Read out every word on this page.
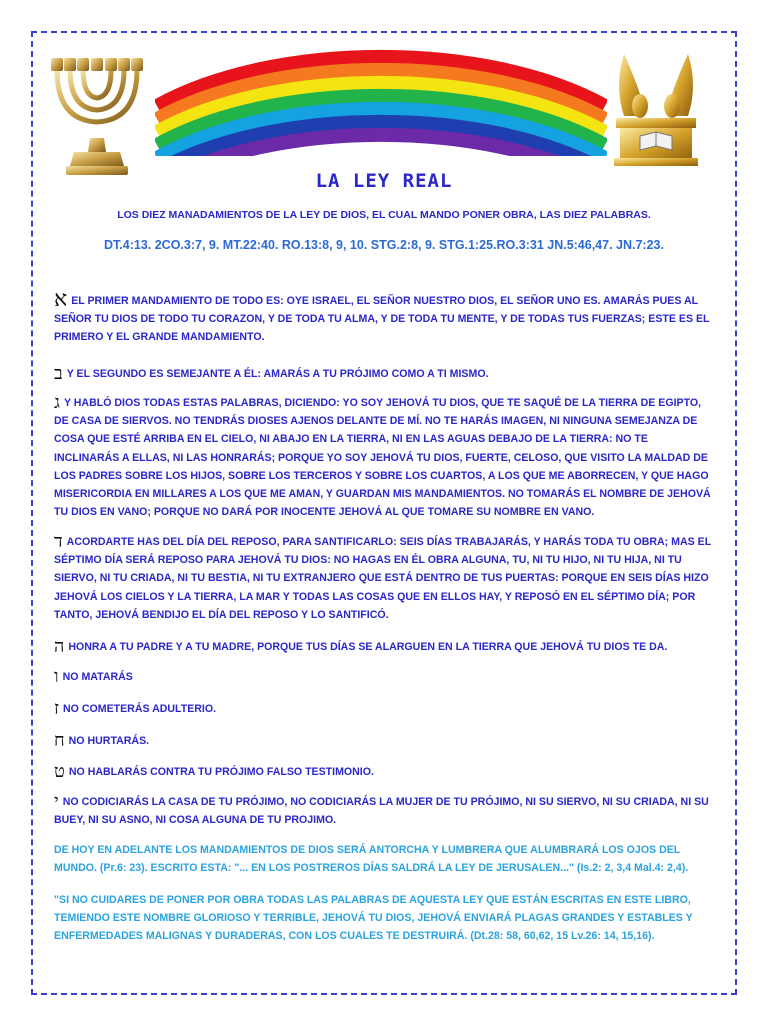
LA LEY REAL
LOS DIEZ MANADAMIENTOS DE LA LEY DE DIOS, EL CUAL MANDO PONER OBRA, LAS DIEZ PALABRAS.
DT.4:13. 2CO.3:7, 9. MT.22:40. RO.13:8, 9, 10. STG.2:8, 9. STG.1:25.RO.3:31 JN.5:46,47. JN.7:23.
אEL PRIMER MANDAMIENTO DE TODO ES: OYE ISRAEL, EL SEÑOR NUESTRO DIOS, EL SEÑOR UNO ES. AMARÁS PUES AL SEÑOR TU DIOS DE TODO TU CORAZON, Y DE TODA TU ALMA, Y DE TODA TU MENTE, Y DE TODAS TUS FUERZAS; ESTE ES EL PRIMERO Y EL GRANDE MANDAMIENTO.
ב Y EL SEGUNDO ES SEMEJANTE A ÉL: AMARÁS A TU PRÓJIMO COMO A TI MISMO.
ג Y HABLÓ DIOS TODAS ESTAS PALABRAS, DICIENDO: YO SOY JEHOVÁ TU DIOS, QUE TE SAQUÉ DE LA TIERRA DE EGIPTO, DE CASA DE SIERVOS. NO TENDRÁS DIOSES AJENOS DELANTE DE MÍ. NO TE HARÁS IMAGEN, NI NINGUNA SEMEJANZA DE COSA QUE ESTÉ ARRIBA EN EL CIELO, NI ABAJO EN LA TIERRA, NI EN LAS AGUAS DEBAJO DE LA TIERRA: NO TE INCLINARÁS A ELLAS, NI LAS HONRARÁS; PORQUE YO SOY JEHOVÁ TU DIOS, FUERTE, CELOSO, QUE VISITO LA MALDAD DE LOS PADRES SOBRE LOS HIJOS, SOBRE LOS TERCEROS Y SOBRE LOS CUARTOS, A LOS QUE ME ABORRECEN, Y QUE HAGO MISERICORDIA EN MILLARES A LOS QUE ME AMAN, Y GUARDAN MIS MANDAMIENTOS. NO TOMARÁS EL NOMBRE DE JEHOVÁ TU DIOS EN VANO; PORQUE NO DARÁ POR INOCENTE JEHOVÁ AL QUE TOMARE SU NOMBRE EN VANO.
דACORDARTE HAS DEL DÍA DEL REPOSO, PARA SANTIFICARLO: SEIS DÍAS TRABAJARÁS, Y HARÁS TODA TU OBRA; MAS EL SÉPTIMO DÍA SERÁ REPOSO PARA JEHOVÁ TU DIOS: NO HAGAS EN ÉL OBRA ALGUNA, TU, NI TU HIJO, NI TU HIJA, NI TU SIERVO, NI TU CRIADA, NI TU BESTIA, NI TU EXTRANJERO QUE ESTÁ DENTRO DE TUS PUERTAS: PORQUE EN SEIS DÍAS HIZO JEHOVÁ LOS CIELOS Y LA TIERRA, LA MAR Y TODAS LAS COSAS QUE EN ELLOS HAY, Y REPOSÓ EN EL SÉPTIMO DÍA; POR TANTO, JEHOVÁ BENDIJO EL DÍA DEL REPOSO Y LO SANTIFICÓ.
הHONRA A TU PADRE Y A TU MADRE, PORQUE TUS DÍAS SE ALARGUEN EN LA TIERRA QUE JEHOVÁ TU DIOS TE DA.
וNO MATARÁS
זNO COMETERÁS ADULTERIO.
חNO HURTARÁS.
טNO HABLARÁS CONTRA TU PRÓJIMO FALSO TESTIMONIO.
יNO CODICIARÁS LA CASA DE TU PRÓJIMO, NO CODICIARÁS LA MUJER DE TU PRÓJIMO, NI SU SIERVO, NI SU CRIADA, NI SU BUEY, NI SU ASNO, NI COSA ALGUNA DE TU PROJIMO.
DE HOY EN ADELANTE LOS MANDAMIENTOS DE DIOS SERÁ ANTORCHA Y LUMBRERA QUE ALUMBRARÁ LOS OJOS DEL MUNDO. (Pr.6: 23). ESCRITO ESTA: "... EN LOS POSTREROS DÍAS SALDRÁ LA LEY DE JERUSALEN..." (Is.2: 2, 3,4 Mal.4: 2,4).
"SI NO CUIDARES DE PONER POR OBRA TODAS LAS PALABRAS DE AQUESTA LEY QUE ESTÁN ESCRITAS EN ESTE LIBRO, TEMIENDO ESTE NOMBRE GLORIOSO Y TERRIBLE, JEHOVÁ TU DIOS, JEHOVÁ ENVIARÁ PLAGAS GRANDES Y ESTABLES Y ENFERMEDADES MALIGNAS Y DURADERAS, CON LOS CUALES TE DESTRUIRÁ. (Dt.28: 58, 60,62, 15 Lv.26: 14, 15,16).
